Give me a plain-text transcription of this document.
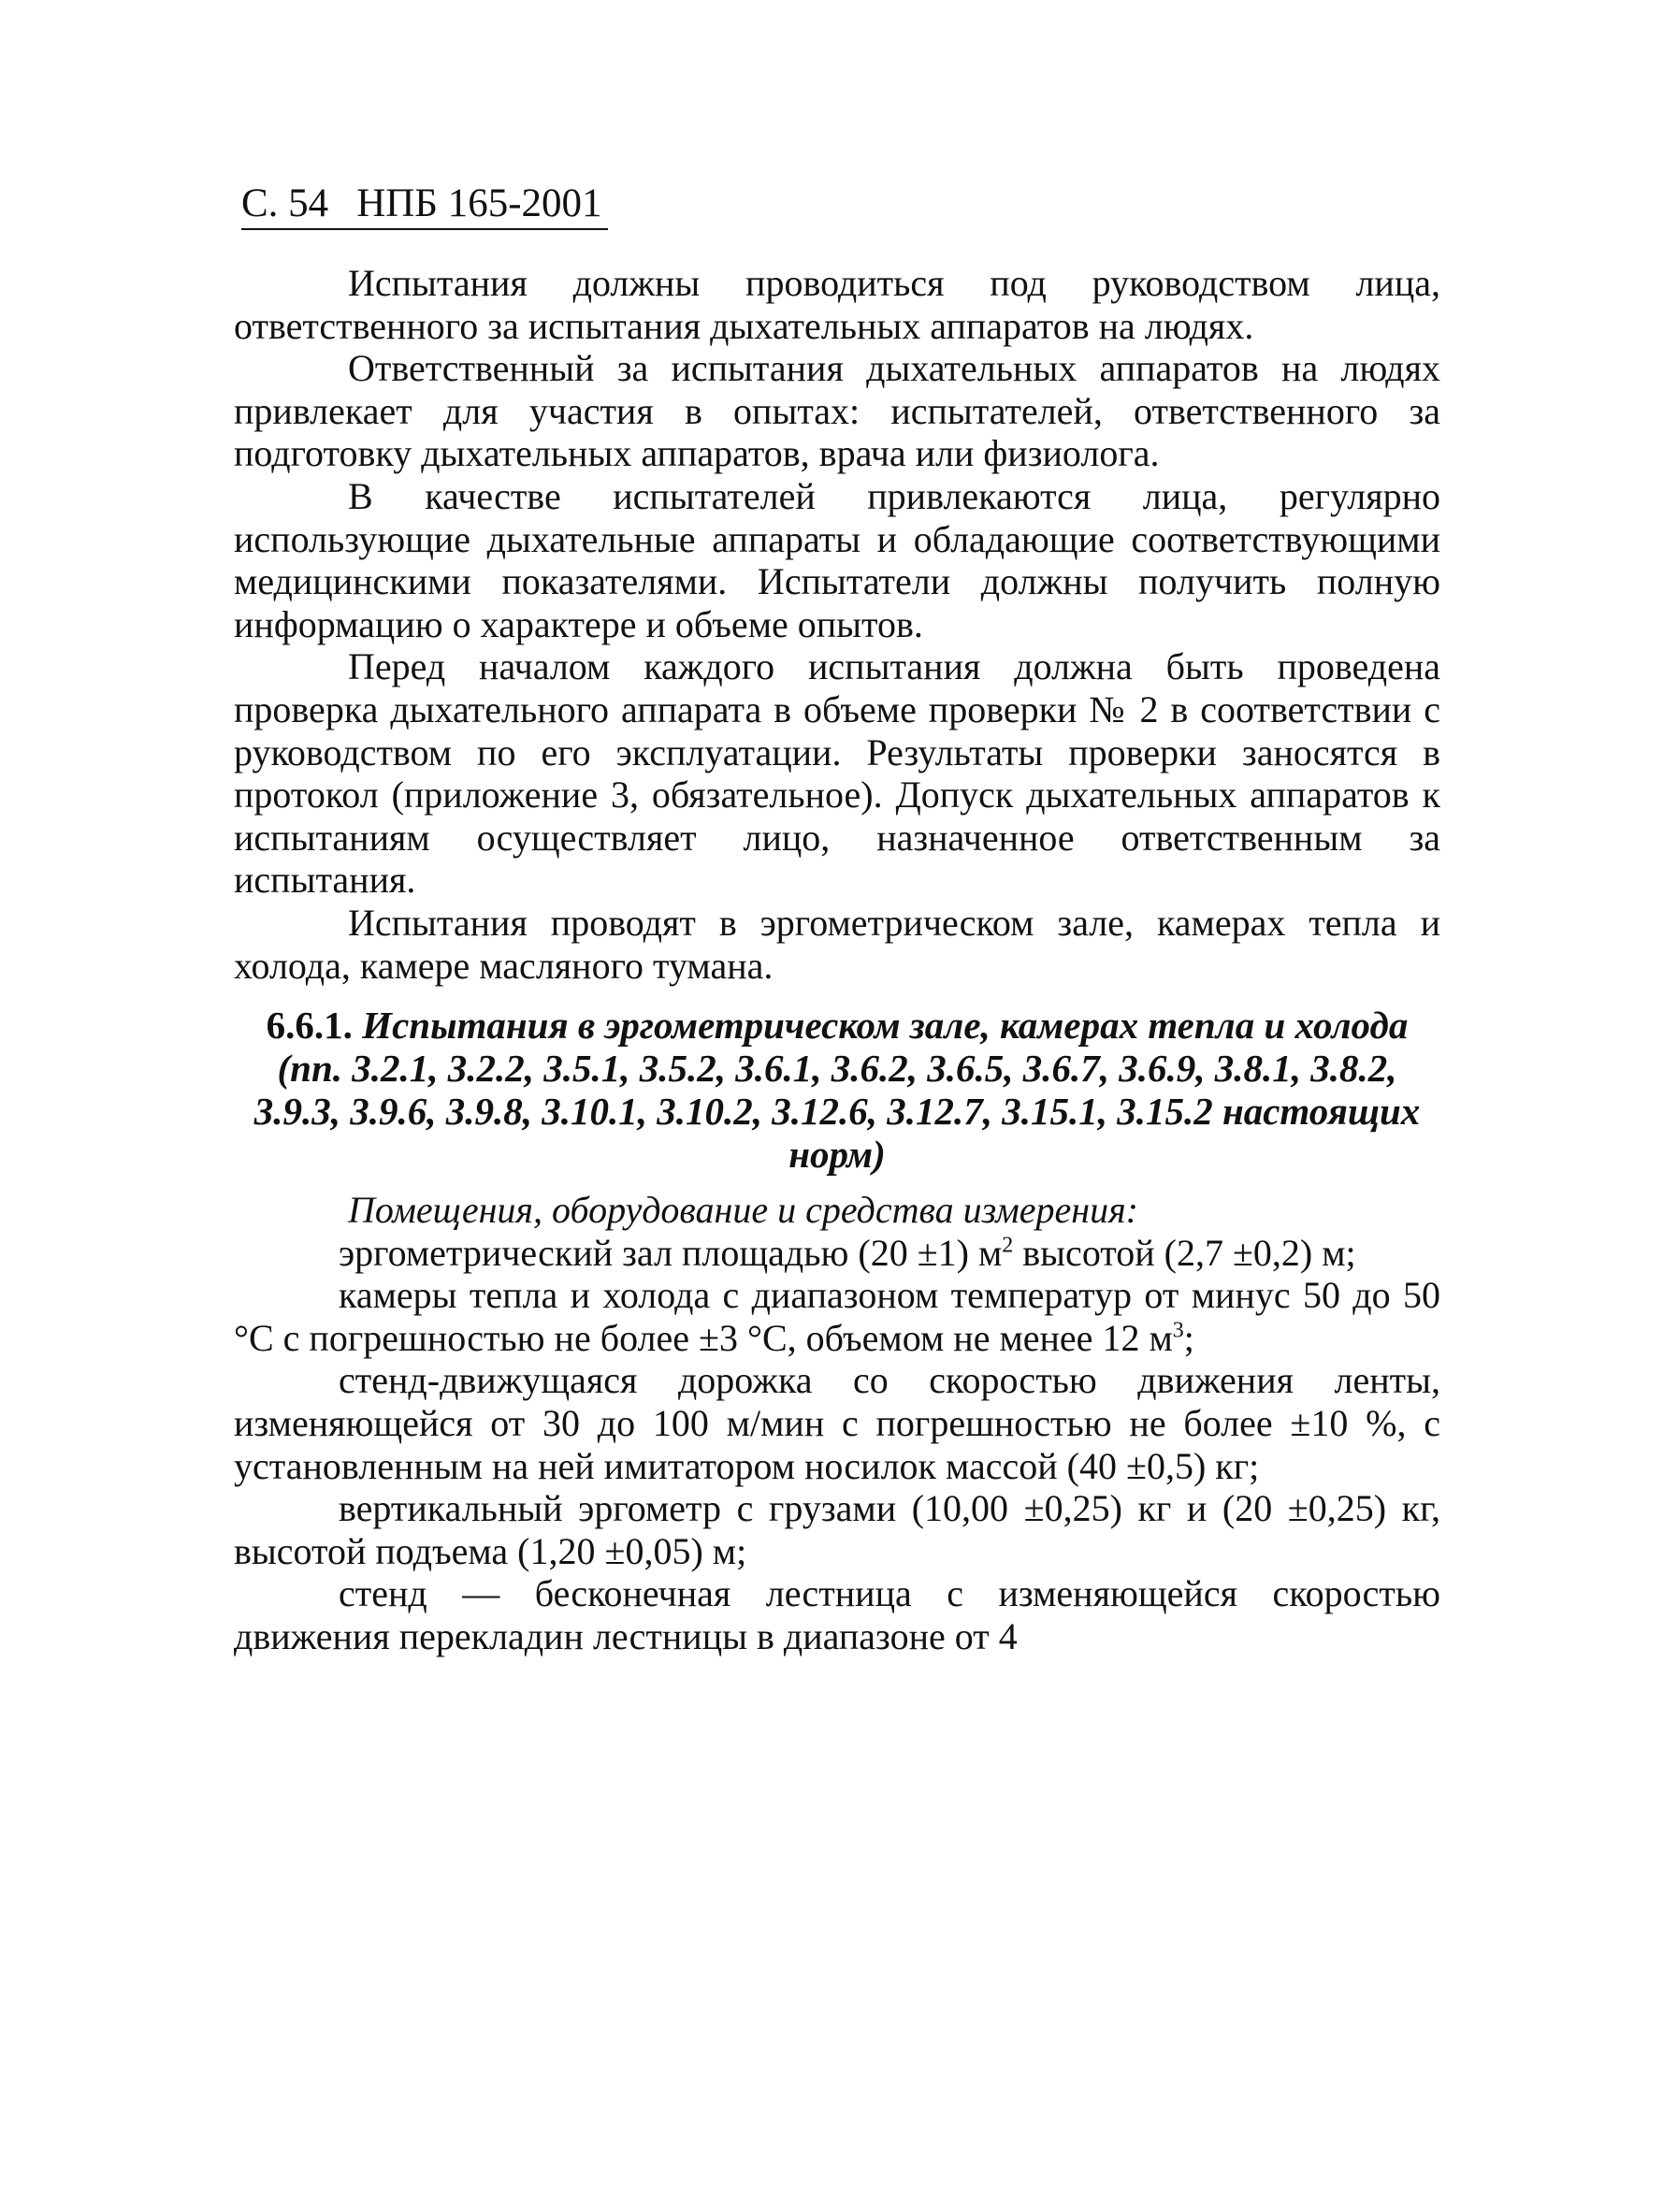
С. 54 НПБ 165-2001

Испытания должны проводиться под руководством лица, ответственного за испытания дыхательных аппаратов на людях.

Ответственный за испытания дыхательных аппаратов на людях привлекает для участия в опытах: испытателей, ответственного за подготовку дыхательных аппаратов, врача или физиолога.

В качестве испытателей привлекаются лица, регулярно использующие дыхательные аппараты и обладающие соответствующими медицинскими показателями. Испытатели должны получить полную информацию о характере и объеме опытов.

Перед началом каждого испытания должна быть проведена проверка дыхательного аппарата в объеме проверки № 2 в соответствии с руководством по его эксплуатации. Результаты проверки заносятся в протокол (приложение 3, обязательное). Допуск дыхательных аппаратов к испытаниям осуществляет лицо, назначенное ответственным за испытания.

Испытания проводят в эргометрическом зале, камерах тепла и холода, камере масляного тумана.

6.6.1. Испытания в эргометрическом зале, камерах тепла и холода (пп. 3.2.1, 3.2.2, 3.5.1, 3.5.2, 3.6.1, 3.6.2, 3.6.5, 3.6.7, 3.6.9, 3.8.1, 3.8.2, 3.9.3, 3.9.6, 3.9.8, 3.10.1, 3.10.2, 3.12.6, 3.12.7, 3.15.1, 3.15.2 настоящих норм)

Помещения, оборудование и средства измерения:

эргометрический зал площадью (20 ±1) $м^2$ высотой (2,7 ±0,2) м;

камеры тепла и холода с диапазоном температур от минус 50 до 50 °С с погрешностью не более ±3 °С, объемом не менее 12 $м^3$;

стенд-движущаяся дорожка со скоростью движения ленты, изменяющейся от 30 до 100 м/мин с погрешностью не более ±10 %, с установленным на ней имитатором носилок массой (40 ±0,5) кг;

вертикальный эргометр с грузами (10,00 ±0,25) кг и (20 ±0,25) кг, высотой подъема (1,20 ±0,05) м;

стенд — бесконечная лестница с изменяющейся скоростью движения перекладин лестницы в диапазоне от 4
